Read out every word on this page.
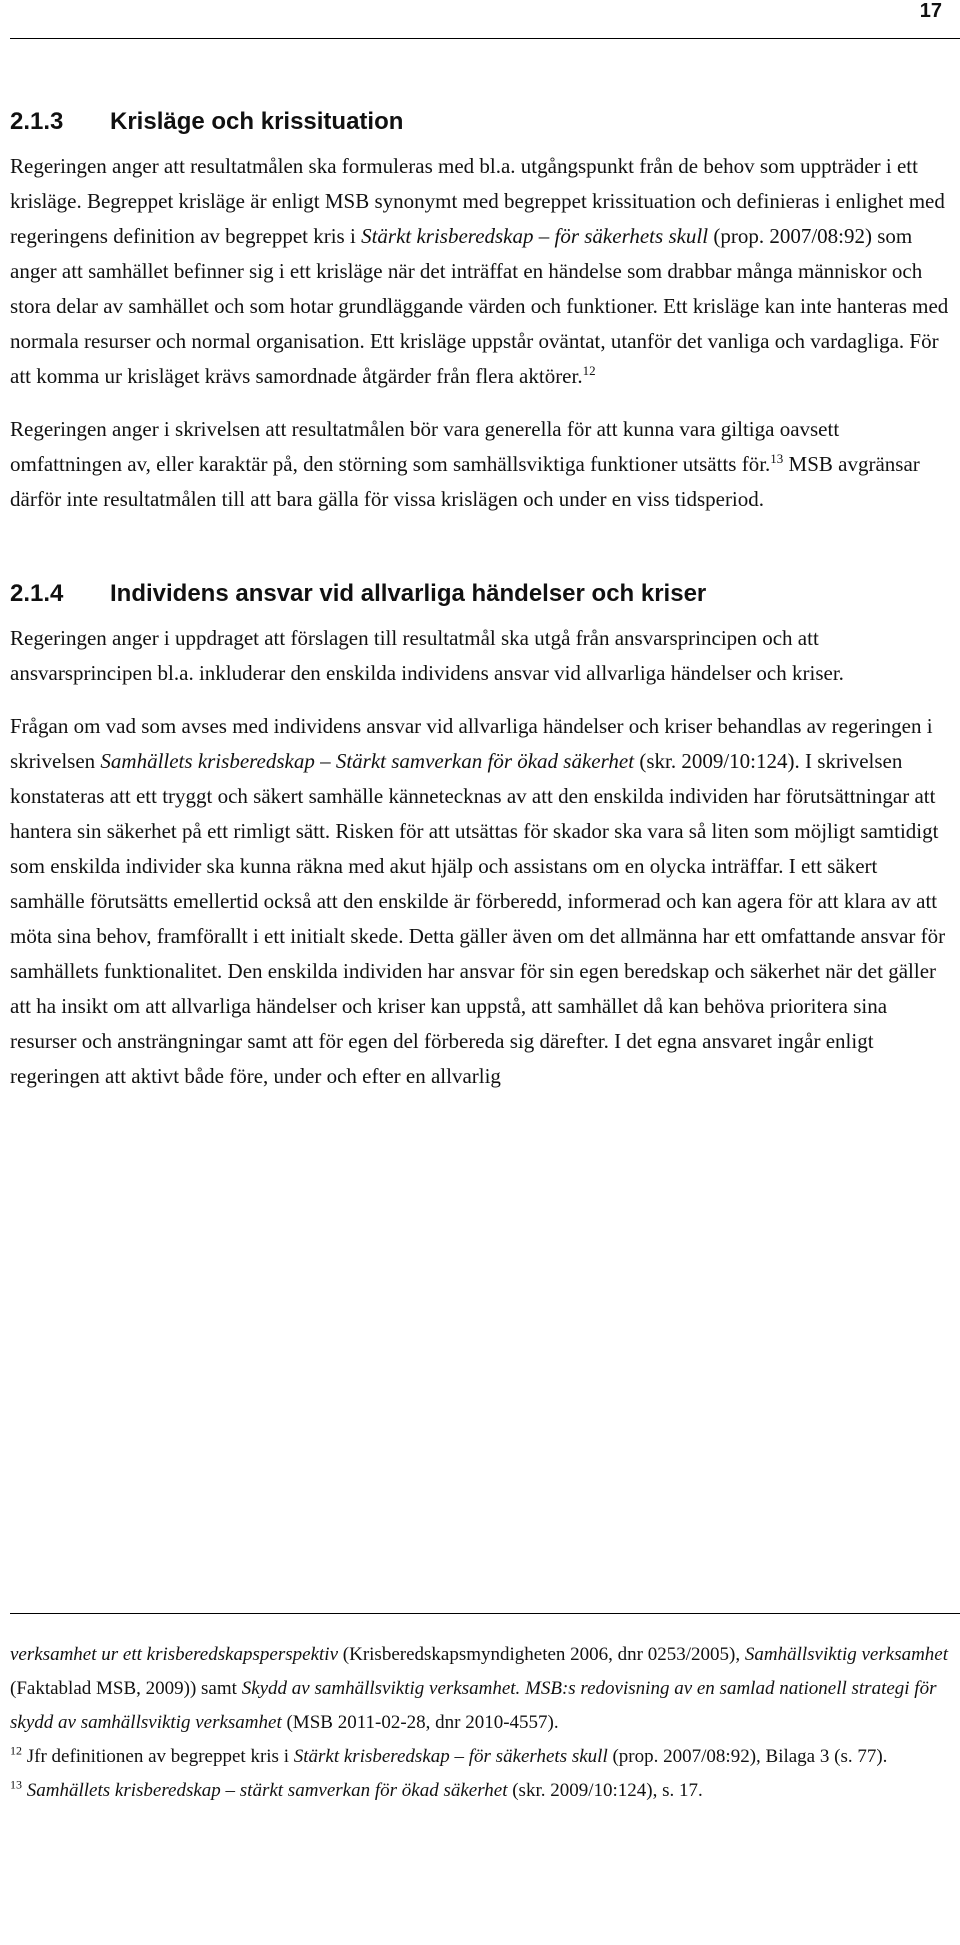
17
2.1.3 Krisläge och krissituation

Regeringen anger att resultatmålen ska formuleras med bl.a. utgångspunkt från de behov som uppträder i ett krisläge. Begreppet krisläge är enligt MSB synonymt med begreppet krissituation och definieras i enlighet med regeringens definition av begreppet kris i Stärkt krisberedskap – för säkerhets skull (prop. 2007/08:92) som anger att samhället befinner sig i ett krisläge när det inträffat en händelse som drabbar många människor och stora delar av samhället och som hotar grundläggande värden och funktioner. Ett krisläge kan inte hanteras med normala resurser och normal organisation. Ett krisläge uppstår oväntat, utanför det vanliga och vardagliga. För att komma ur krisläget krävs samordnade åtgärder från flera aktörer.$^{12}$

Regeringen anger i skrivelsen att resultatmålen bör vara generella för att kunna vara giltiga oavsett omfattningen av, eller karaktär på, den störning som samhällsviktiga funktioner utsätts för.$^{13}$ MSB avgränsar därför inte resultatmålen till att bara gälla för vissa krislägen och under en viss tidsperiod.

2.1.4 Individens ansvar vid allvarliga händelser och kriser

Regeringen anger i uppdraget att förslagen till resultatmål ska utgå från ansvarsprincipen och att ansvarsprincipen bl.a. inkluderar den enskilda individens ansvar vid allvarliga händelser och kriser.

Frågan om vad som avses med individens ansvar vid allvarliga händelser och kriser behandlas av regeringen i skrivelsen Samhällets krisberedskap – Stärkt samverkan för ökad säkerhet (skr. 2009/10:124). I skrivelsen konstateras att ett tryggt och säkert samhälle kännetecknas av att den enskilda individen har förutsättningar att hantera sin säkerhet på ett rimligt sätt. Risken för att utsättas för skador ska vara så liten som möjligt samtidigt som enskilda individer ska kunna räkna med akut hjälp och assistans om en olycka inträffar. I ett säkert samhälle förutsätts emellertid också att den enskilde är förberedd, informerad och kan agera för att klara av att möta sina behov, framförallt i ett initialt skede. Detta gäller även om det allmänna har ett omfattande ansvar för samhällets funktionalitet. Den enskilda individen har ansvar för sin egen beredskap och säkerhet när det gäller att ha insikt om att allvarliga händelser och kriser kan uppstå, att samhället då kan behöva prioritera sina resurser och ansträngningar samt att för egen del förbereda sig därefter. I det egna ansvaret ingår enligt regeringen att aktivt både före, under och efter en allvarlig

verksamhet ur ett krisberedskapsperspektiv (Krisberedskapsmyndigheten 2006, dnr 0253/2005), Samhällsviktig verksamhet (Faktablad MSB, 2009)) samt Skydd av samhällsviktig verksamhet. MSB:s redovisning av en samlad nationell strategi för skydd av samhällsviktig verksamhet (MSB 2011-02-28, dnr 2010-4557).

$^{12}$ Jfr definitionen av begreppet kris i Stärkt krisberedskap – för säkerhets skull (prop. 2007/08:92), Bilaga 3 (s. 77).

$^{13}$ Samhällets krisberedskap – stärkt samverkan för ökad säkerhet (skr. 2009/10:124), s. 17.
